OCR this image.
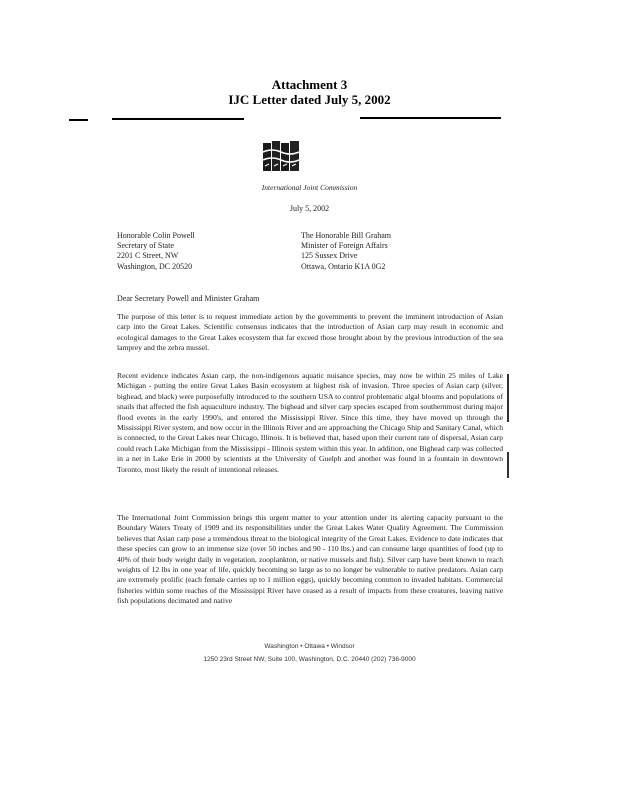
Attachment 3
IJC Letter dated July 5, 2002
International Joint Commission
July 5, 2002
Honorable Colin Powell
Secretary of State
2201 C Street, NW
Washington, DC 20520
The Honorable Bill Graham
Minister of Foreign Affairs
125 Sussex Drive
Ottawa, Ontario K1A 0G2
Dear Secretary Powell and Minister Graham
The purpose of this letter is to request immediate action by the governments to prevent the imminent introduction of Asian carp into the Great Lakes. Scientific consensus indicates that the introduction of Asian carp may result in economic and ecological damages to the Great Lakes ecosystem that far exceed those brought about by the previous introduction of the sea lamprey and the zebra mussel.
Recent evidence indicates Asian carp, the non-indigenous aquatic nuisance species, may now be within 25 miles of Lake Michigan - putting the entire Great Lakes Basin ecosystem at highest risk of invasion. Three species of Asian carp (silver, bighead, and black) were purposefully introduced to the southern USA to control problematic algal blooms and populations of snails that affected the fish aquaculture industry. The bighead and silver carp species escaped from southernmost during major flood events in the early 1990's, and entered the Mississippi River. Since this time, they have moved up through the Mississippi River system, and now occur in the Illinois River and are approaching the Chicago Ship and Sanitary Canal, which is connected, to the Great Lakes near Chicago, Illinois. It is believed that, based upon their current rate of dispersal, Asian carp could reach Lake Michigan from the Mississippi - Illinois system within this year. In addition, one Bighead carp was collected in a net in Lake Erie in 2000 by scientists at the University of Guelph and another was found in a fountain in downtown Toronto, most likely the result of intentional releases.
The International Joint Commission brings this urgent matter to your attention under its alerting capacity pursuant to the Boundary Waters Treaty of 1909 and its responsibilities under the Great Lakes Water Quality Agreement. The Commission believes that Asian carp pose a tremendous threat to the biological integrity of the Great Lakes. Evidence to date indicates that these species can grow to an immense size (over 50 inches and 90 - 110 lbs.) and can consume large quantities of food (up to 40% of their body weight daily in vegetation, zooplankton, or native mussels and fish). Silver carp have been known to reach weights of 12 lbs in one year of life, quickly becoming so large as to no longer be vulnerable to native predators. Asian carp are extremely prolific (each female carries up to 1 million eggs), quickly becoming common to invaded habitats. Commercial fisheries within some reaches of the Mississippi River have ceased as a result of impacts from these creatures, leaving native fish populations decimated and native
Washington • Ottawa • Windsor
1250 23rd Street NW, Suite 100, Washington, D.C. 20440 (202) 736-9000
